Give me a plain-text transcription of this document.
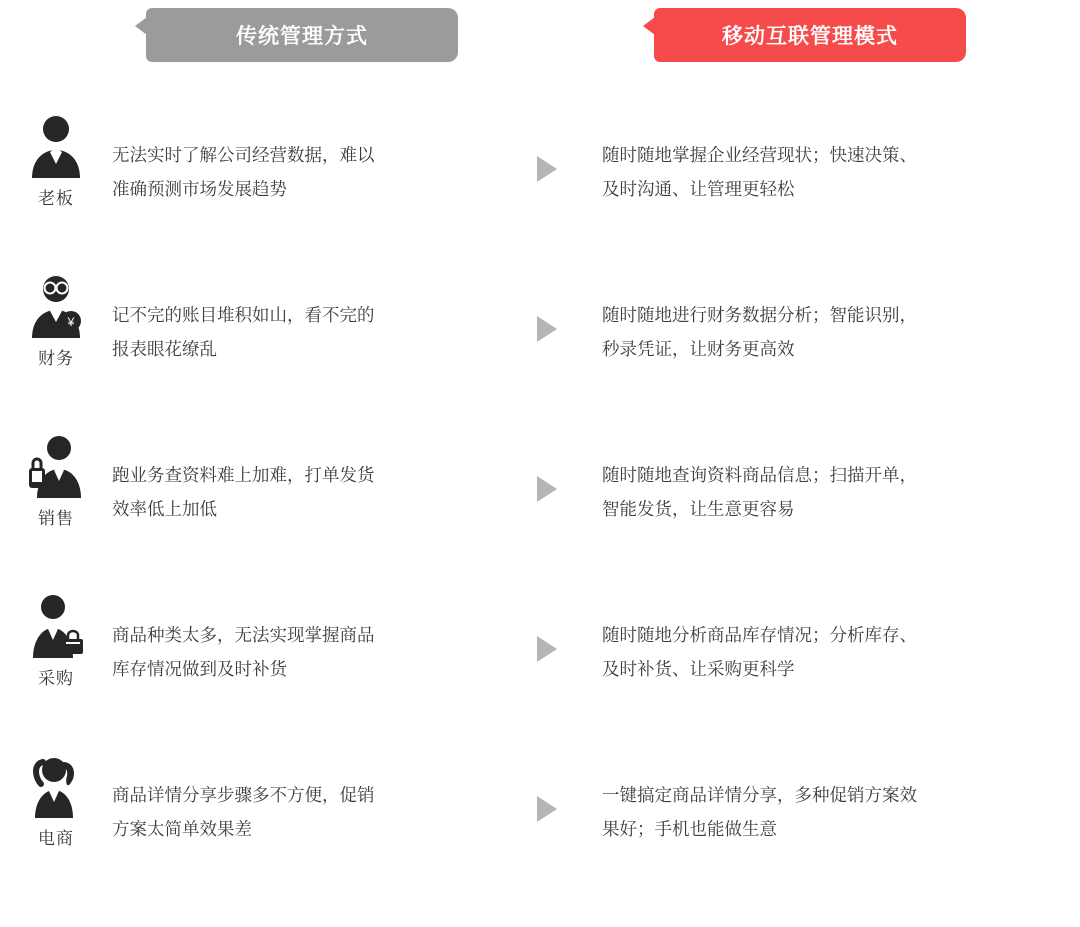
传统管理方式	移动互联管理模式
老板
无法实时了解公司经营数据，难以
准确预测市场发展趋势
随时随地掌握企业经营现状；快速决策、
及时沟通、让管理更轻松
¥
财务
记不完的账目堆积如山，看不完的
报表眼花缭乱
随时随地进行财务数据分析；智能识别，
秒录凭证，让财务更高效
销售
跑业务查资料难上加难，打单发货
效率低上加低
随时随地查询资料商品信息；扫描开单，
智能发货，让生意更容易
采购
商品种类太多，无法实现掌握商品
库存情况做到及时补货
随时随地分析商品库存情况；分析库存、
及时补货、让采购更科学
电商
商品详情分享步骤多不方便，促销
方案太简单效果差
一键搞定商品详情分享，多种促销方案效
果好；手机也能做生意
